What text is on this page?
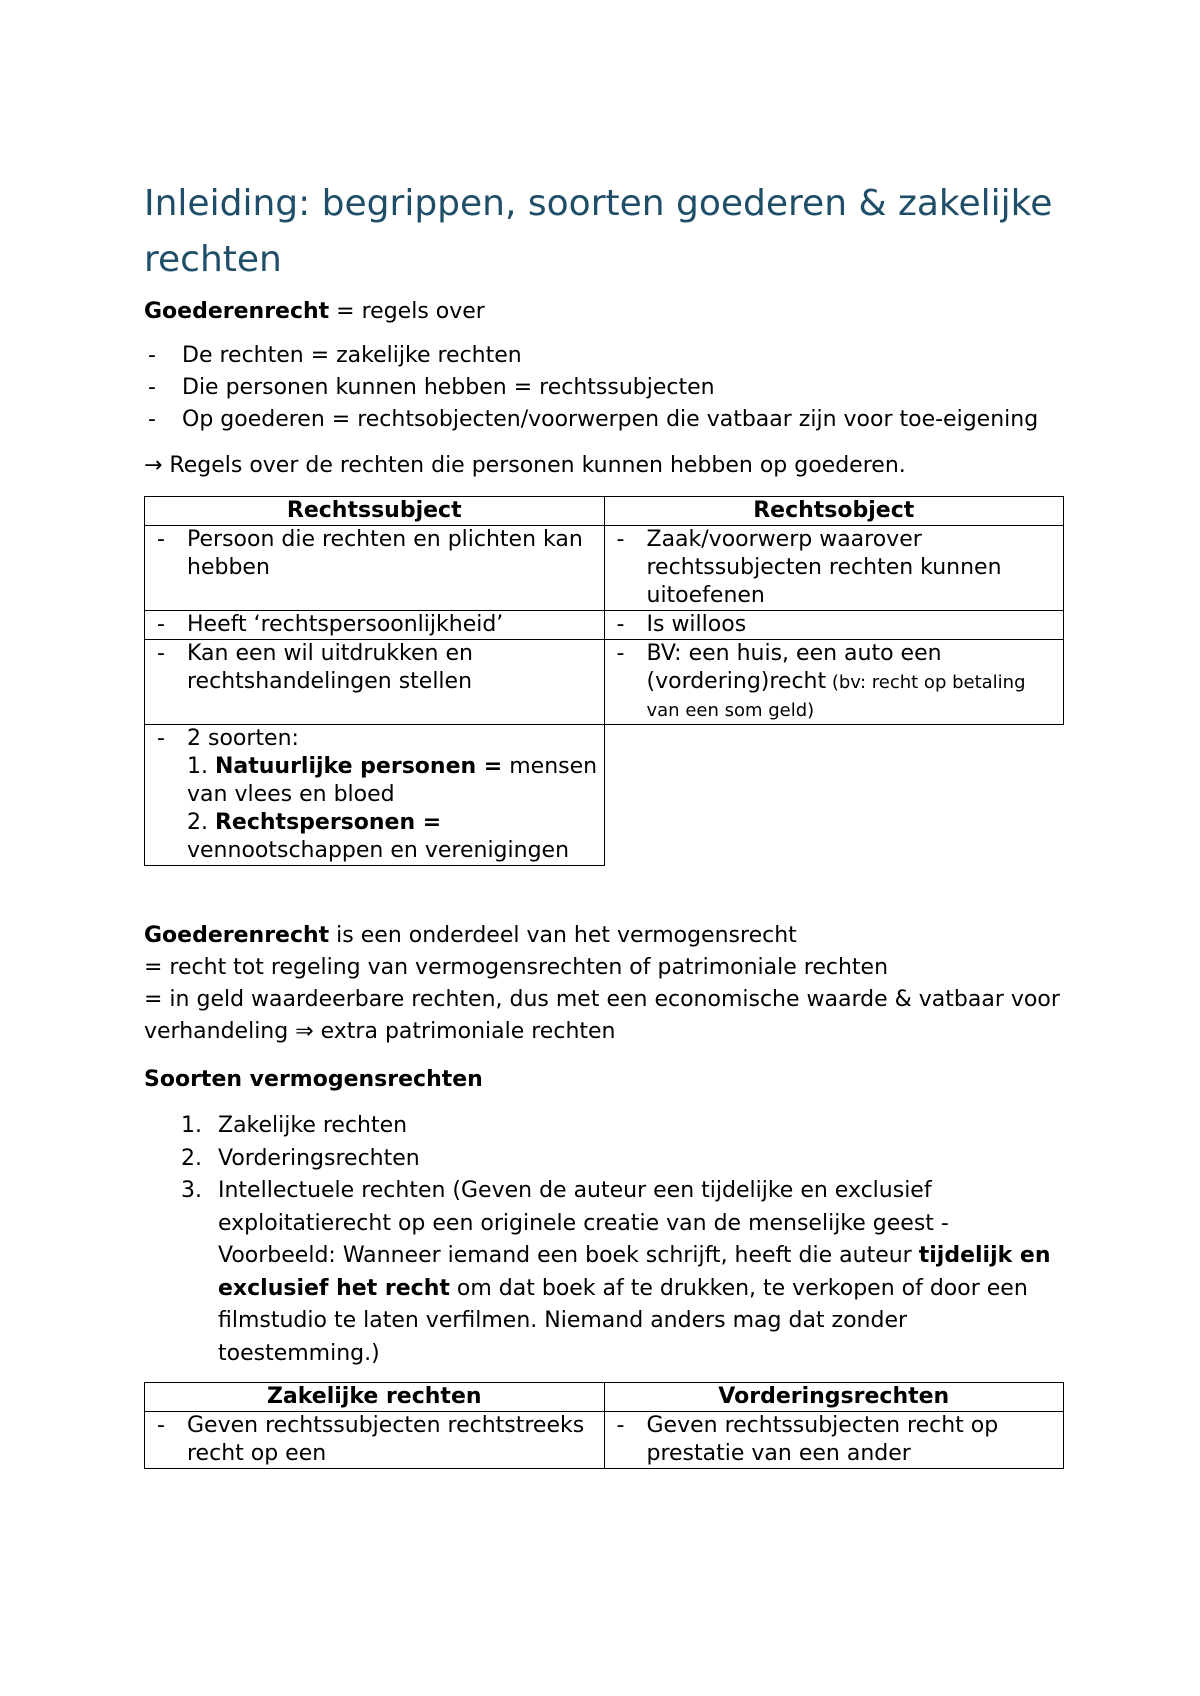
Inleiding: begrippen, soorten goederen & zakelijke rechten

Goederenrecht = regels over

- De rechten = zakelijke rechten
- Die personen kunnen hebben = rechtssubjecten
- Op goederen = rechtsobjecten/voorwerpen die vatbaar zijn voor toe-eigening

→ Regels over de rechten die personen kunnen hebben op goederen.

Rechtssubject	Rechtsobject

- Persoon die rechten en plichten kan hebben	- Zaak/voorwerp waarover rechtssubjecten rechten kunnen uitoefenen

- Heeft ‘rechtspersoonlijkheid’	- Is willoos

- Kan een wil uitdrukken en rechtshandelingen stellen	- BV: een huis, een auto een (vordering)recht (bv: recht op betaling van een som geld)

- 2 soorten:
1. Natuurlijke personen = mensen van vlees en bloed
2. Rechtspersonen = vennootschappen en verenigingen

Goederenrecht is een onderdeel van het vermogensrecht

= recht tot regeling van vermogensrechten of patrimoniale rechten

= in geld waardeerbare rechten, dus met een economische waarde & vatbaar voor verhandeling ⇒ extra patrimoniale rechten

Soorten vermogensrechten
1. Zakelijke rechten
2. Vorderingsrechten
3. Intellectuele rechten (Geven de auteur een tijdelijke en exclusief exploitatierecht op een originele creatie van de menselijke geest - Voorbeeld: Wanneer iemand een boek schrijft, heeft die auteur tijdelijk en exclusief het recht om dat boek af te drukken, te verkopen of door een filmstudio te laten verfilmen. Niemand anders mag dat zonder toestemming.)
Zakelijke rechten	Vorderingsrechten

- Geven rechtssubjecten rechtstreeks recht op een	- Geven rechtssubjecten recht op prestatie van een ander
